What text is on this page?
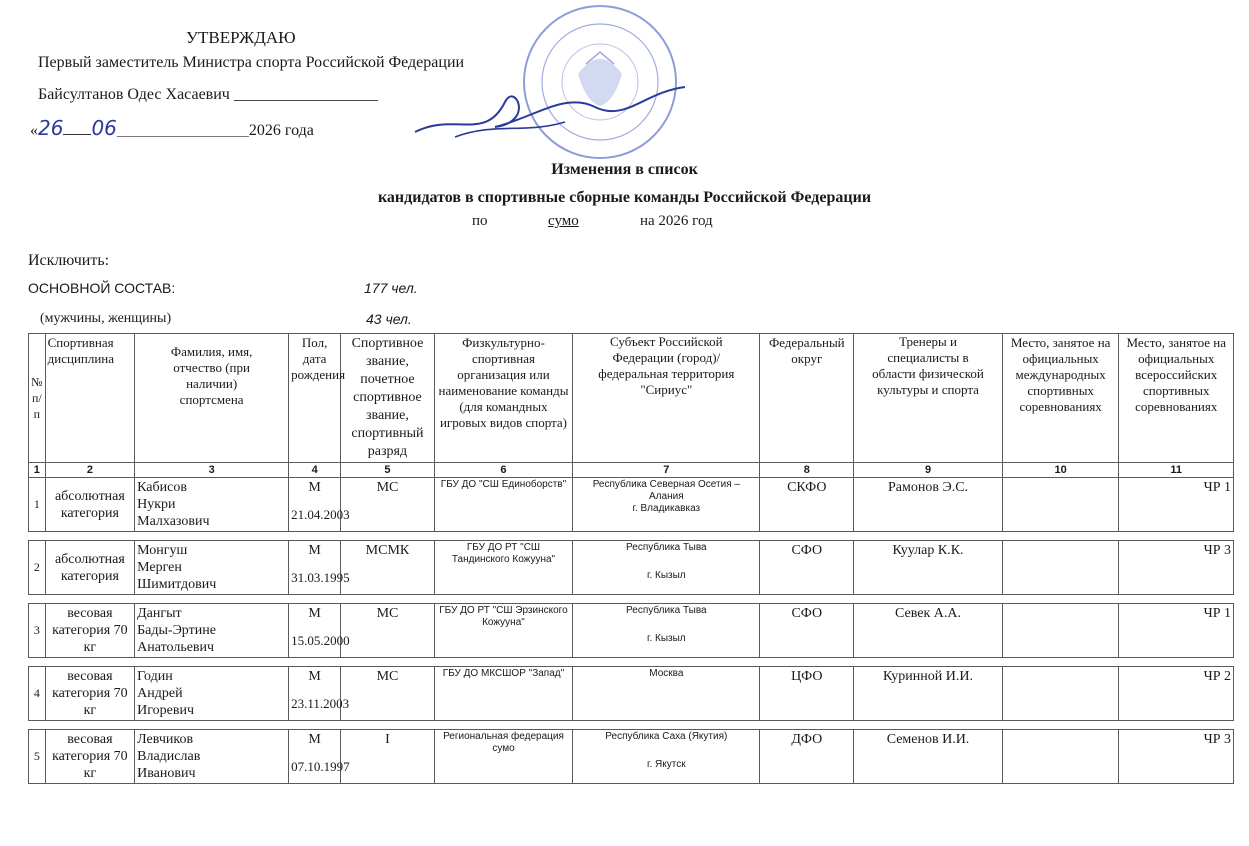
УТВЕРЖДАЮ
Первый заместитель Министра спорта Российской Федерации
Байсултанов Одес Хасаевич __________________
«26 06______________________2026 года
Изменения в список
кандидатов в спортивные сборные команды Российской Федерации
по	сумо	на 2026 год
Исключить:
ОСНОВНОЙ СОСТАВ:	177 чел.
(мужчины, женщины)	43 чел.
№ п/п	Спортивная дисциплина	Фамилия, имя, отчество (при наличии) спортсмена	Пол, дата рождения	Спортивное звание, почетное спортивное звание, спортивный разряд	Физкультурно-спортивная организация или наименование команды (для командных игровых видов спорта)	Субъект Российской Федерации (город)/федеральная территория "Сириус"	Федеральный округ	Тренеры и специалисты в области физической культуры и спорта	Место, занятое на официальных международных спортивных соревнованиях	Место, занятое на официальных всероссийских спортивных соревнованиях
1	2	3	4	5	6	7	8	9	10	11
1	абсолютная категория	Кабисов
Нукри
Малхазович	М
21.04.2003	МС	ГБУ ДО "СШ Единоборств"	Республика Северная Осетия – Алания
г. Владикавказ	СКФО	Рамонов Э.С.		ЧР 1

2	абсолютная категория	Монгуш
Мерген
Шимитдович	М
31.03.1995	МСМК	ГБУ ДО РТ "СШ Тандинского Кожууна"	Республика Тыва
г. Кызыл	СФО	Куулар К.К.		ЧР 3

3	весовая категория 70 кг	Дангыт
Бады-Эртине
Анатольевич	М
15.05.2000	МС	ГБУ ДО РТ "СШ Эрзинского Кожууна"	Республика Тыва
г. Кызыл	СФО	Севек А.А.		ЧР 1

4	весовая категория 70 кг	Годин
Андрей
Игоревич	М
23.11.2003	МС	ГБУ ДО МКСШОР "Запад"	Москва	ЦФО	Куринной И.И.		ЧР 2

5	весовая категория 70 кг	Левчиков
Владислав
Иванович	М
07.10.1997	I	Региональная федерация сумо	Республика Саха (Якутия)
г. Якутск	ДФО	Семенов И.И.		ЧР 3
